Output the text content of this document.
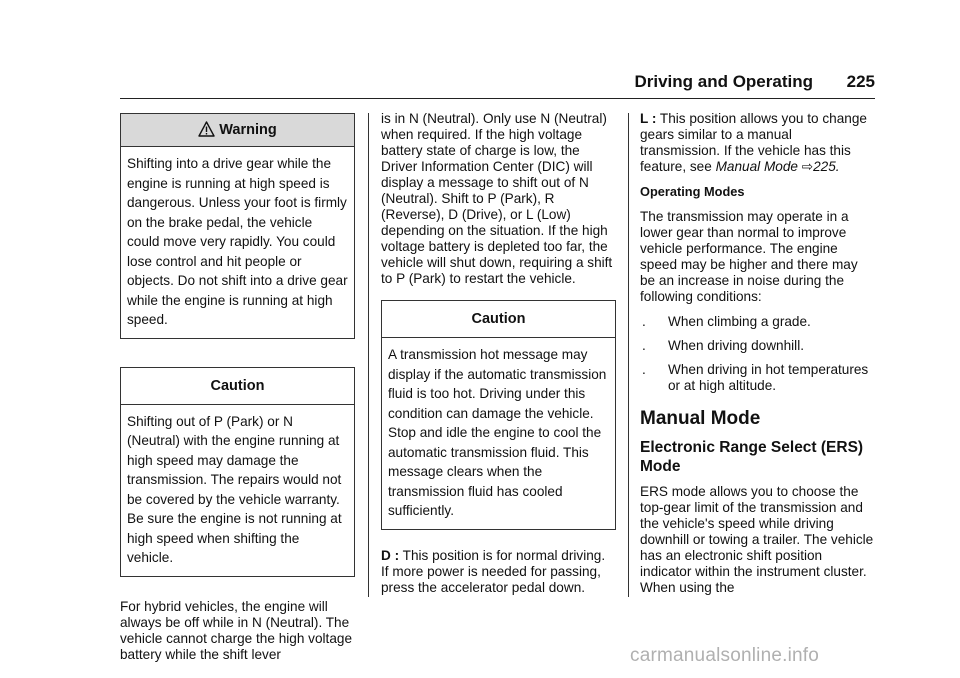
Driving and Operating 225
Warning
Shifting into a drive gear while the engine is running at high speed is dangerous. Unless your foot is firmly on the brake pedal, the vehicle could move very rapidly. You could lose control and hit people or objects. Do not shift into a drive gear while the engine is running at high speed.
Caution
Shifting out of P (Park) or N (Neutral) with the engine running at high speed may damage the transmission. The repairs would not be covered by the vehicle warranty. Be sure the engine is not running at high speed when shifting the vehicle.

For hybrid vehicles, the engine will always be off while in N (Neutral). The vehicle cannot charge the high voltage battery while the shift lever

is in N (Neutral). Only use N (Neutral) when required. If the high voltage battery state of charge is low, the Driver Information Center (DIC) will display a message to shift out of N (Neutral). Shift to P (Park), R (Reverse), D (Drive), or L (Low) depending on the situation. If the high voltage battery is depleted too far, the vehicle will shut down, requiring a shift to P (Park) to restart the vehicle.

Caution
A transmission hot message may display if the automatic transmission fluid is too hot. Driving under this condition can damage the vehicle. Stop and idle the engine to cool the automatic transmission fluid. This message clears when the transmission fluid has cooled sufficiently.

D : This position is for normal driving. If more power is needed for passing, press the accelerator pedal down.

L : This position allows you to change gears similar to a manual transmission. If the vehicle has this feature, see Manual Mode ⇨225.

Operating Modes

The transmission may operate in a lower gear than normal to improve vehicle performance. The engine speed may be higher and there may be an increase in noise during the following conditions:

.	When climbing a grade.
.	When driving downhill.
.	When driving in hot temperatures or at high altitude.
Manual Mode
Electronic Range Select (ERS) Mode

ERS mode allows you to choose the top-gear limit of the transmission and the vehicle's speed while driving downhill or towing a trailer. The vehicle has an electronic shift position indicator within the instrument cluster. When using the

carmanualsonline.info
